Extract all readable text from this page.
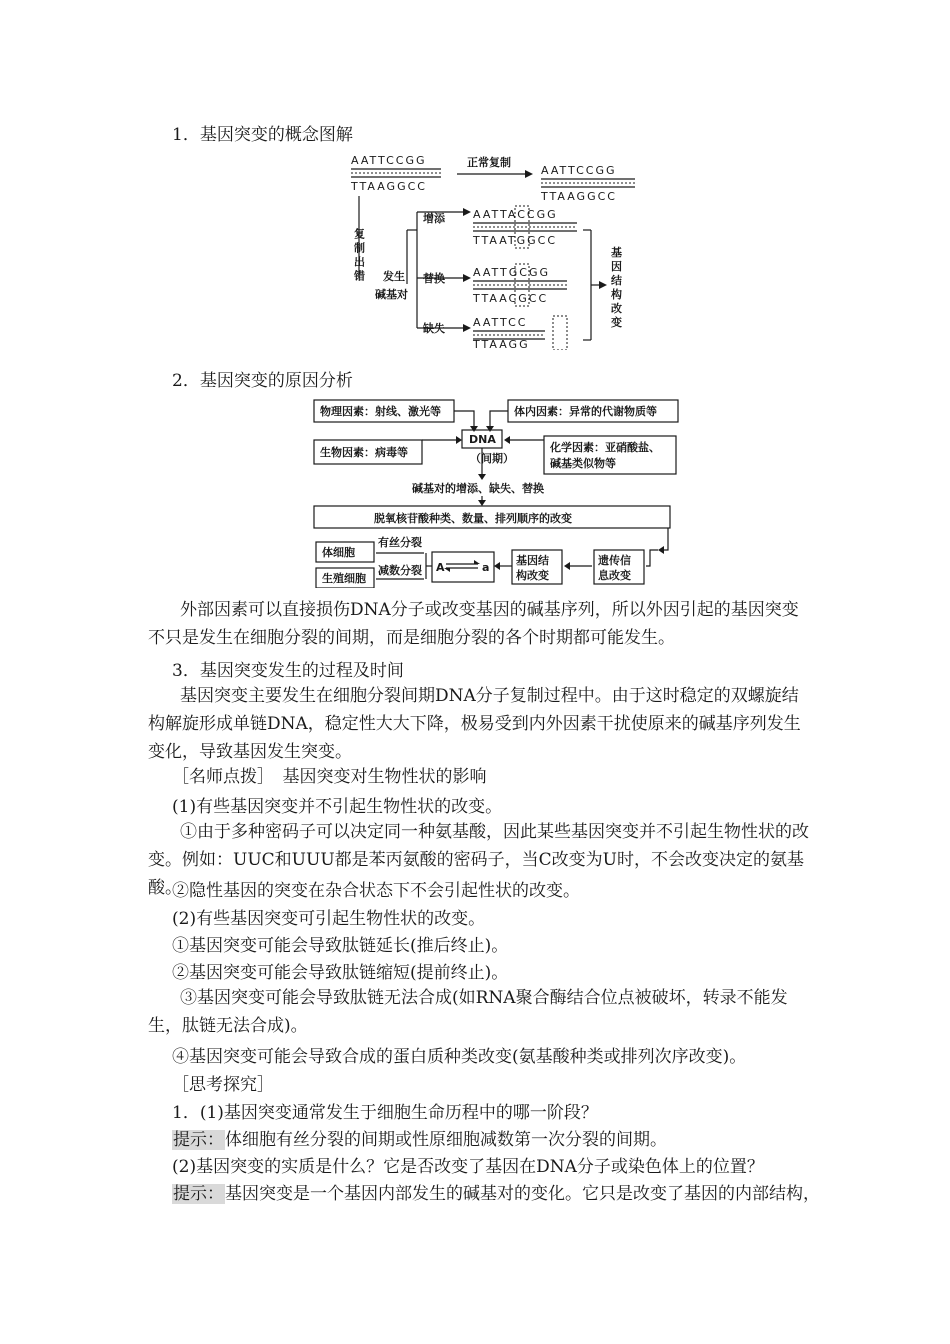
1．基因突变的概念图解
AATTCCGG
TTAAGGCC
正常复制
AATTCCGG
TTAAGGCC
复
制
出
错 发生
碱基对
增添
替换
缺失
AATTACCGG
TTAATGGCC
AATTGCGG
TTAACGCC
AATTCC
TTAAGG
基
因
结
构
改
变
2．基因突变的原因分析
物理因素：射线、激光等	体内因素：异常的代谢物质等
生物因素：病毒等
DNA
（间期）
化学因素：亚硝酸盐、
碱基类似物等
碱基对的增添、缺失、替换
脱氧核苷酸种类、数量、排列顺序的改变
体细胞
生殖细胞
有丝分裂
减数分裂 A	a
基因结
构改变
遗传信
息改变
外部因素可以直接损伤DNA分子或改变基因的碱基序列，所以外因引起的基因突变不只是发生在细胞分裂的间期，而是细胞分裂的各个时期都可能发生。
3．基因突变发生的过程及时间
基因突变主要发生在细胞分裂间期DNA分子复制过程中。由于这时稳定的双螺旋结构解旋形成单链DNA，稳定性大大下降，极易受到内外因素干扰使原来的碱基序列发生变化，导致基因发生突变。
［名师点拨］　基因突变对生物性状的影响
(1)有些基因突变并不引起生物性状的改变。
①由于多种密码子可以决定同一种氨基酸，因此某些基因突变并不引起生物性状的改变。例如：UUC和UUU都是苯丙氨酸的密码子，当C改变为U时，不会改变决定的氨基酸。
②隐性基因的突变在杂合状态下不会引起性状的改变。
(2)有些基因突变可引起生物性状的改变。
①基因突变可能会导致肽链延长(推后终止)。
②基因突变可能会导致肽链缩短(提前终止)。
③基因突变可能会导致肽链无法合成(如RNA聚合酶结合位点被破坏，转录不能发生，肽链无法合成)。
④基因突变可能会导致合成的蛋白质种类改变(氨基酸种类或排列次序改变)。
［思考探究］
1．(1)基因突变通常发生于细胞生命历程中的哪一阶段？
提示：体细胞有丝分裂的间期或性原细胞减数第一次分裂的间期。
(2)基因突变的实质是什么？它是否改变了基因在DNA分子或染色体上的位置？
提示：基因突变是一个基因内部发生的碱基对的变化。它只是改变了基因的内部结构，
